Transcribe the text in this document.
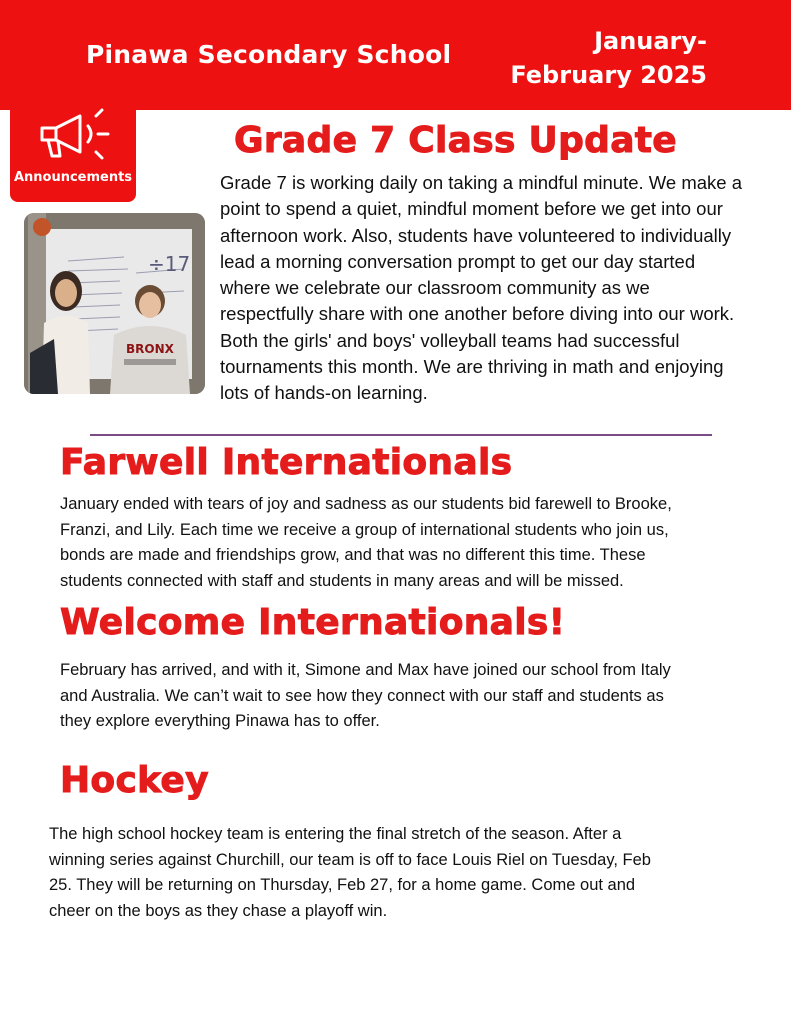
Pinawa Secondary School	January-
February 2025
Announcements
÷17
BRONX
Grade 7 Class Update
Grade 7 is working daily on taking a mindful minute. We make a
point to spend a quiet, mindful moment before we get into our
afternoon work. Also, students have volunteered to individually
lead a morning conversation prompt to get our day started
where we celebrate our classroom community as we
respectfully share with one another before diving into our work.
Both the girls' and boys' volleyball teams had successful
tournaments this month. We are thriving in math and enjoying
lots of hands-on learning.
Farwell Internationals
January ended with tears of joy and sadness as our students bid farewell to Brooke,
Franzi, and Lily. Each time we receive a group of international students who join us,
bonds are made and friendships grow, and that was no different this time. These
students connected with staff and students in many areas and will be missed.
Welcome Internationals!
February has arrived, and with it, Simone and Max have joined our school from Italy
and Australia. We can’t wait to see how they connect with our staff and students as
they explore everything Pinawa has to offer.
Hockey
The high school hockey team is entering the final stretch of the season. After a
winning series against Churchill, our team is off to face Louis Riel on Tuesday, Feb
25. They will be returning on Thursday, Feb 27, for a home game. Come out and
cheer on the boys as they chase a playoff win.
